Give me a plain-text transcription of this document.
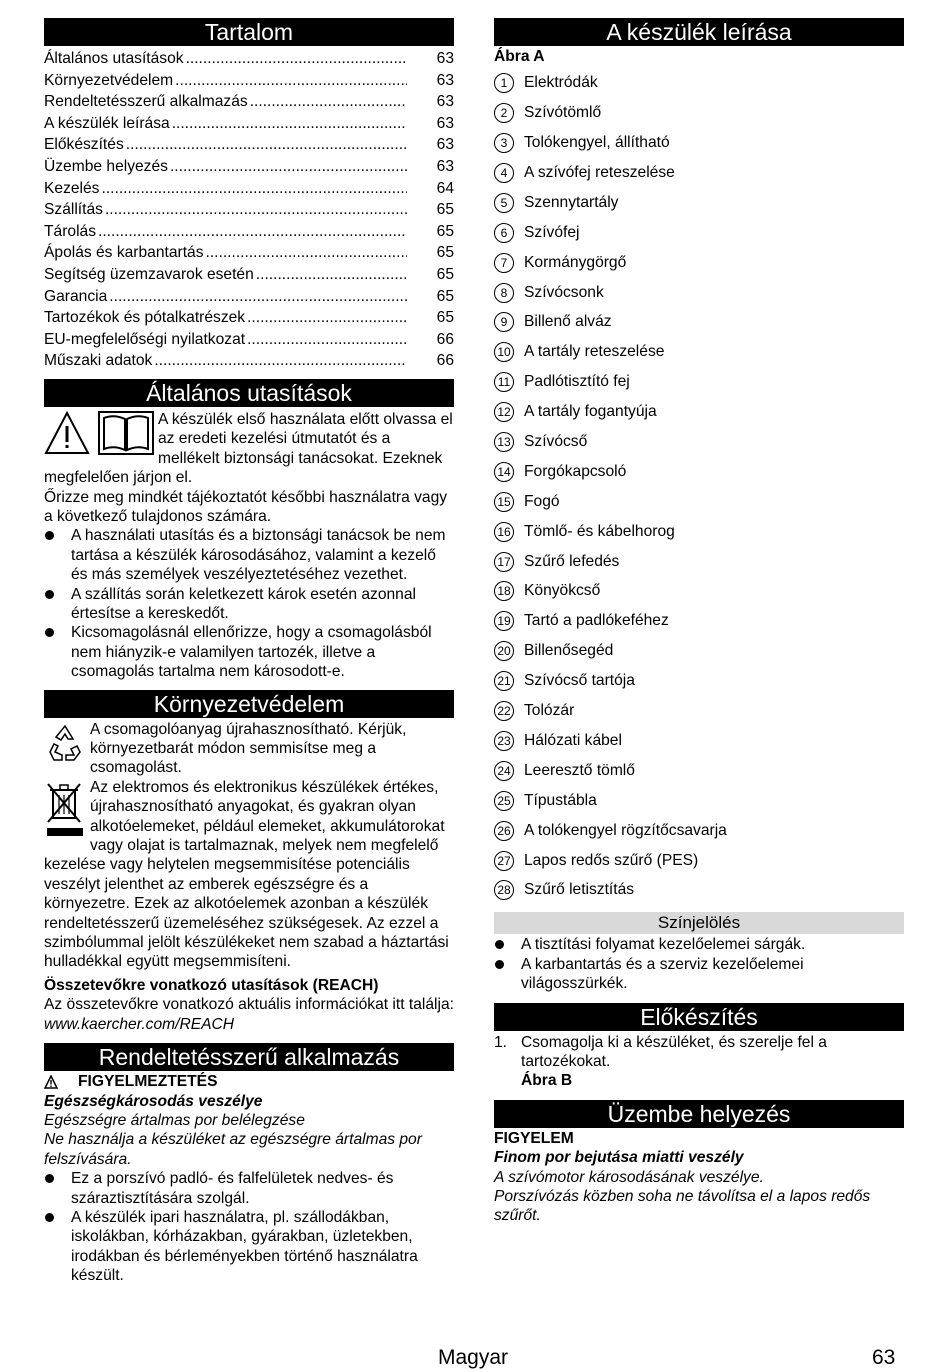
Tartalom
Általános utasítások .....	63
Környezetvédelem .....	63
Rendeltetésszerű alkalmazás .....	63
A készülék leírása .....	63
Előkészítés .....	63
Üzembe helyezés .....	63
Kezelés .....	64
Szállítás .....	65
Tárolás .....	65
Ápolás és karbantartás .....	65
Segítség üzemzavarok esetén .....	65
Garancia .....	65
Tartozékok és pótalkatrészek .....	65
EU-megfelelőségi nyilatkozat .....	66
Műszaki adatok .....	66
Általános utasítások
A készülék első használata előtt olvassa el az eredeti kezelési útmutatót és a mellékelt biztonsági tanácsokat. Ezeknek megfelelően járjon el.
Őrizze meg mindkét tájékoztatót későbbi használatra vagy a következő tulajdonos számára.
A használati utasítás és a biztonsági tanácsok be nem tartása a készülék károsodásához, valamint a kezelő és más személyek veszélyeztetéséhez vezethet.
A szállítás során keletkezett károk esetén azonnal értesítse a kereskedőt.
Kicsomagolásnál ellenőrizze, hogy a csomagolásból nem hiányzik-e valamilyen tartozék, illetve a csomagolás tartalma nem károsodott-e.
Környezetvédelem
A csomagolóanyag újrahasznosítható. Kérjük, környezetbarát módon semmisítse meg a csomagolást.
Az elektromos és elektronikus készülékek értékes, újrahasznosítható anyagokat, és gyakran olyan alkotóelemeket, például elemeket, akkumulátorokat vagy olajat is tartalmaznak, melyek nem megfelelő kezelése vagy helytelen megsemmisítése potenciális veszélyt jelenthet az emberek egészségre és a környezetre. Ezek az alkotóelemek azonban a készülék rendeltetésszerű üzemeléséhez szükségesek. Az ezzel a szimbólummal jelölt készülékeket nem szabad a háztartási hulladékkal együtt megsemmisíteni.
Összetevőkre vonatkozó utasítások (REACH)
Az összetevőkre vonatkozó aktuális információkat itt találja: www.kaercher.com/REACH
Rendeltetésszerű alkalmazás
FIGYELMEZTETÉS
Egészségkárosodás veszélye
Egészségre ártalmas por belélegzése
Ne használja a készüléket az egészségre ártalmas por felszívására.
Ez a porszívó padló- és falfelületek nedves- és száraztisztítására szolgál.
A készülék ipari használatra, pl. szállodákban, iskolákban, kórházakban, gyárakban, üzletekben, irodákban és bérleményekben történő használatra készült.
A készülék leírása
Ábra A
1	Elektródák
2	Szívótömlő
3	Tolókengyel, állítható
4	A szívófej reteszelése
5	Szennytartály
6	Szívófej
7	Kormánygörgő
8	Szívócsonk
9	Billenő alváz
10 A tartály reteszelése
11 Padlótisztító fej
12 A tartály fogantyúja
13 Szívócső
14 Forgókapcsoló
15 Fogó
16 Tömlő- és kábelhorog
17 Szűrő lefedés
18 Könyökcső
19 Tartó a padlókeféhez
20 Billenősegéd
21 Szívócső tartója
22 Tolózár
23 Hálózati kábel
24 Leeresztő tömlő
25 Típustábla
26 A tolókengyel rögzítőcsavarja
27 Lapos redős szűrő (PES)
28 Szűrő letisztítás
Színjelölés
A tisztítási folyamat kezelőelemei sárgák.
A karbantartás és a szerviz kezelőelemei világosszürkék.
Előkészítés
1. Csomagolja ki a készüléket, és szerelje fel a tartozékokat.
Ábra B
Üzembe helyezés
FIGYELEM
Finom por bejutása miatti veszély
A szívómotor károsodásának veszélye.
Porszívózás közben soha ne távolítsa el a lapos redős szűrőt.
Magyar	63
